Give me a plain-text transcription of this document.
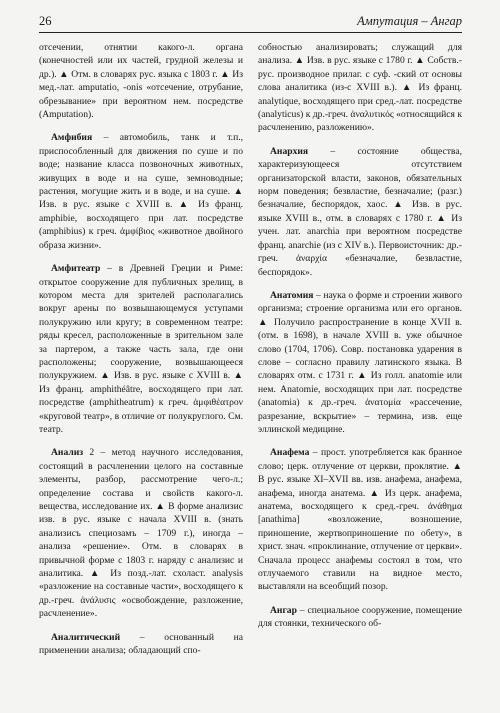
26	Ампутация – Ангар

отсечении, отнятии какого-л. органа (конечностей или их частей, грудной железы и др.). ▲ Отм. в словарях рус. языка с 1803 г. ▲ Из мед.-лат. amputatio, -onis «отсечение, отрубание, обрезывание» при вероятном нем. посредстве (Amputation).

Амфибия – автомобиль, танк и т.п., приспособленный для движения по суше и по воде; название класса позвоночных животных, живущих в воде и на суше, земноводные; растения, могущие жить и в воде, и на суше. ▲ Изв. в рус. языке с XVIII в. ▲ Из франц. amphibie, восходящего при лат. посредстве (amphibius) к греч. ἀμφίβιος «животное двойного образа жизни».

Амфитеатр – в Древней Греции и Риме: открытое сооружение для публичных зрелищ, в котором места для зрителей располагались вокруг арены по возвышающемуся уступами полукружию или кругу; в современном театре: ряды кресел, расположенные в зрительном зале за партером, а также часть зала, где они расположены; сооружение, возвышающееся полукружием. ▲ Изв. в рус. языке с XVIII в. ▲ Из франц. amphithéâtre, восходящего при лат. посредстве (amphitheatrum) к греч. ἀμφιθέατρον «круговой театр», в отличие от полукруглого. См. театр.

Анализ 2 – метод научного исследования, состоящий в расчленении целого на составные элементы, разбор, рассмотрение чего-л.; определение состава и свойств какого-л. вещества, исследование их. ▲ В форме анализис изв. в рус. языке с начала XVIII в. (знать анализисъ специозамъ – 1709 г.), иногда – анализа «решение». Отм. в словарях в привычной форме с 1803 г. наряду с анализис и аналитика. ▲ Из позд.-лат. схоласт. analysis «разложение на составные части», восходящего к др.-греч. ἀνάλυσις «освобождение, разложение, расчленение».

Аналитический – основанный на применении анализа; обладающий спо-

собностью анализировать; служащий для анализа. ▲ Изв. в рус. языке с 1780 г. ▲ Собств.-рус. производное прилаг. с суф. -ский от основы слова аналитика (из-с XVIII в.). ▲ Из франц. analytique, восходящего при сред.-лат. посредстве (analyticus) к др.-греч. ἀναλυτικός «относящийся к расчленению, разложению».

Анархия – состояние общества, характеризующееся отсутствием организаторской власти, законов, обязательных норм поведения; безвластие, безначалие; (разг.) безначалие, беспорядок, хаос. ▲ Изв. в рус. языке XVIII в., отм. в словарях с 1780 г. ▲ Из учен. лат. anarchia при вероятном посредстве франц. anarchie (из с XIV в.). Первоисточник: др.-греч. ἀναρχία «безначалие, безвластие, беспорядок».

Анатомия – наука о форме и строении живого организма; строение организма или его органов. ▲ Получило распространение в конце XVII в. (отм. в 1698), в начале XVIII в. уже обычное слово (1704, 1706). Совр. постановка ударения в слове – согласно правилу латинского языка. В словарях отм. с 1731 г. ▲ Из голл. anatomie или нем. Anatomie, восходящих при лат. посредстве (anatomia) к др.-греч. ἀνατομία «рассечение, разрезание, вскрытие» – термина, изв. еще эллинской медицине.

Анафема – прост. употребляется как бранное слово; церк. отлучение от церкви, проклятие. ▲ В рус. языке XI–XVII вв. изв. анафема, анафема, анафема, иногда анатема. ▲ Из церк. анафема, анатема, восходящего к сред.-греч. ἀνάθημα [anathima] «возложение, возношение, приношение, жертвоприношение по обету», в христ. знач. «проклинание, отлучение от церкви». Сначала процесс анафемы состоял в том, что отлучаемого ставили на видное место, выставляли на всеобщий позор.

Ангар – специальное сооружение, помещение для стоянки, технического об-
